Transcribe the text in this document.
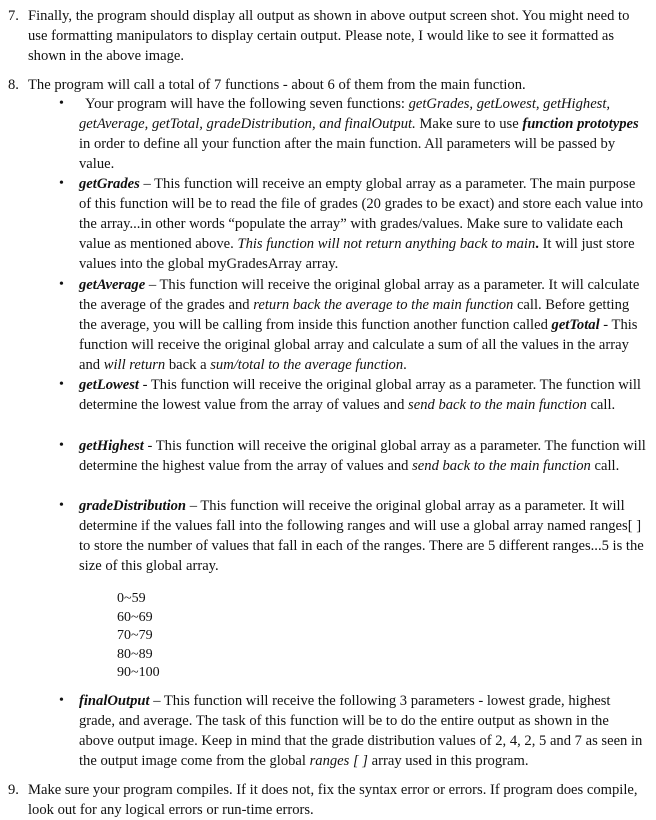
7. Finally, the program should display all output as shown in above output screen shot. You might need to use formatting manipulators to display certain output. Please note, I would like to see it formatted as shown in the above image.
8. The program will call a total of 7 functions - about 6 of them from the main function.
• Your program will have the following seven functions: getGrades, getLowest, getHighest, getAverage, getTotal, gradeDistribution, and finalOutput. Make sure to use function prototypes in order to define all your function after the main function. All parameters will be passed by value.
• getGrades – This function will receive an empty global array as a parameter. The main purpose of this function will be to read the file of grades (20 grades to be exact) and store each value into the array...in other words “populate the array” with grades/values. Make sure to validate each value as mentioned above. This function will not return anything back to main. It will just store values into the global myGradesArray array.
• getAverage – This function will receive the original global array as a parameter. It will calculate the average of the grades and return back the average to the main function call. Before getting the average, you will be calling from inside this function another function called getTotal - This function will receive the original global array and calculate a sum of all the values in the array and will return back a sum/total to the average function.
• getLowest - This function will receive the original global array as a parameter. The function will determine the lowest value from the array of values and send back to the main function call.
• getHighest - This function will receive the original global array as a parameter. The function will determine the highest value from the array of values and send back to the main function call.
• gradeDistribution – This function will receive the original global array as a parameter. It will determine if the values fall into the following ranges and will use a global array named ranges[ ] to store the number of values that fall in each of the ranges. There are 5 different ranges...5 is the size of this global array.
• finalOutput – This function will receive the following 3 parameters - lowest grade, highest grade, and average. The task of this function will be to do the entire output as shown in the above output image. Keep in mind that the grade distribution values of 2, 4, 2, 5 and 7 as seen in the output image come from the global ranges [ ] array used in this program.
0~59
60~69
70~79
80~89
90~100
9. Make sure your program compiles. If it does not, fix the syntax error or errors. If program does compile, look out for any logical errors or run-time errors.
